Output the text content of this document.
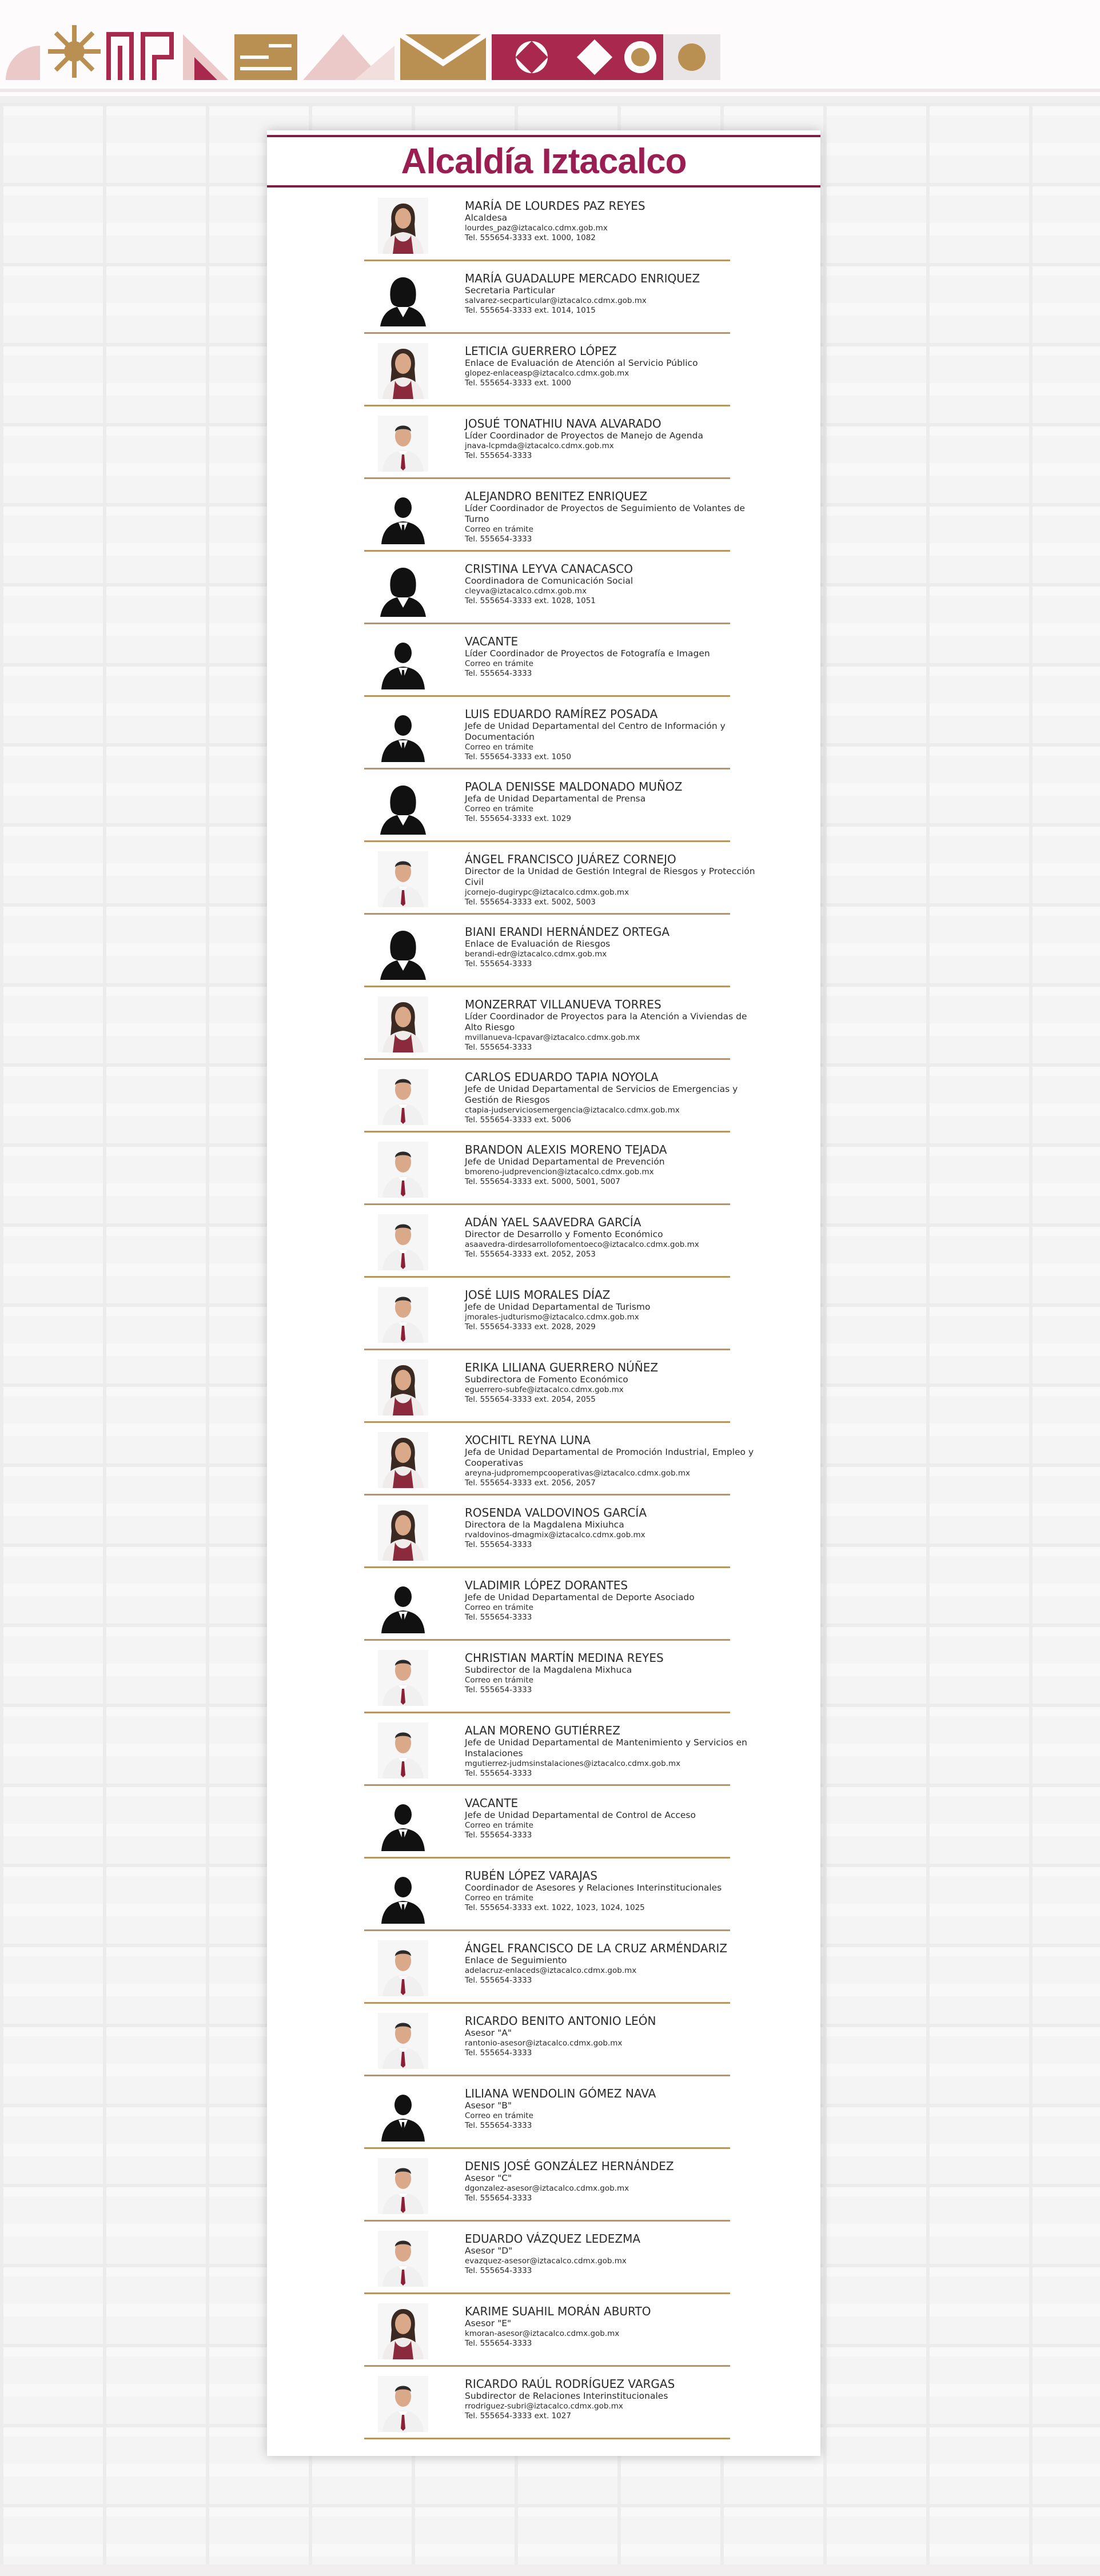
Alcaldía Iztacalco
MARÍA DE LOURDES PAZ REYES
Alcaldesa
lourdes_paz@iztacalco.cdmx.gob.mx
Tel. 555654-3333 ext. 1000, 1082
MARÍA GUADALUPE MERCADO ENRIQUEZ
Secretaria Particular
salvarez-secparticular@iztacalco.cdmx.gob.mx
Tel. 555654-3333 ext. 1014, 1015
LETICIA GUERRERO LÓPEZ
Enlace de Evaluación de Atención al Servicio Público
glopez-enlaceasp@iztacalco.cdmx.gob.mx
Tel. 555654-3333 ext. 1000
JOSUÉ TONATHIU NAVA ALVARADO
Líder Coordinador de Proyectos de Manejo de Agenda
jnava-lcpmda@iztacalco.cdmx.gob.mx
Tel. 555654-3333
ALEJANDRO BENITEZ ENRIQUEZ
Líder Coordinador de Proyectos de Seguimiento de Volantes de Turno
Correo en trámite
Tel. 555654-3333
CRISTINA LEYVA CANACASCO
Coordinadora de Comunicación Social
cleyva@iztacalco.cdmx.gob.mx
Tel. 555654-3333 ext. 1028, 1051
VACANTE
Líder Coordinador de Proyectos de Fotografía e Imagen
Correo en trámite
Tel. 555654-3333
LUIS EDUARDO RAMÍREZ POSADA
Jefe de Unidad Departamental del Centro de Información y Documentación
Correo en trámite
Tel. 555654-3333 ext. 1050
PAOLA DENISSE MALDONADO MUÑOZ
Jefa de Unidad Departamental de Prensa
Correo en trámite
Tel. 555654-3333 ext. 1029
ÁNGEL FRANCISCO JUÁREZ CORNEJO
Director de la Unidad de Gestión Integral de Riesgos y Protección Civil
jcornejo-dugirypc@iztacalco.cdmx.gob.mx
Tel. 555654-3333 ext. 5002, 5003
BIANI ERANDI HERNÁNDEZ ORTEGA
Enlace de Evaluación de Riesgos
berandi-edr@iztacalco.cdmx.gob.mx
Tel. 555654-3333
MONZERRAT VILLANUEVA TORRES
Líder Coordinador de Proyectos para la Atención a Viviendas de Alto Riesgo
mvillanueva-lcpavar@iztacalco.cdmx.gob.mx
Tel. 555654-3333
CARLOS EDUARDO TAPIA NOYOLA
Jefe de Unidad Departamental de Servicios de Emergencias y Gestión de Riesgos
ctapia-judserviciosemergencia@iztacalco.cdmx.gob.mx
Tel. 555654-3333 ext. 5006
BRANDON ALEXIS MORENO TEJADA
Jefe de Unidad Departamental de Prevención
bmoreno-judprevencion@iztacalco.cdmx.gob.mx
Tel. 555654-3333 ext. 5000, 5001, 5007
ADÁN YAEL SAAVEDRA GARCÍA
Director de Desarrollo y Fomento Económico
asaavedra-dirdesarrollofomentoeco@iztacalco.cdmx.gob.mx
Tel. 555654-3333 ext. 2052, 2053
JOSÉ LUIS MORALES DÍAZ
Jefe de Unidad Departamental de Turismo
jmorales-judturismo@iztacalco.cdmx.gob.mx
Tel. 555654-3333 ext. 2028, 2029
ERIKA LILIANA GUERRERO NÚÑEZ
Subdirectora de Fomento Económico
eguerrero-subfe@iztacalco.cdmx.gob.mx
Tel. 555654-3333 ext. 2054, 2055
XOCHITL REYNA LUNA
Jefa de Unidad Departamental de Promoción Industrial, Empleo y Cooperativas
areyna-judpromempcooperativas@iztacalco.cdmx.gob.mx
Tel. 555654-3333 ext. 2056, 2057
ROSENDA VALDOVINOS GARCÍA
Directora de la Magdalena Mixiuhca
rvaldovinos-dmagmix@iztacalco.cdmx.gob.mx
Tel. 555654-3333
VLADIMIR LÓPEZ DORANTES
Jefe de Unidad Departamental de Deporte Asociado
Correo en trámite
Tel. 555654-3333
CHRISTIAN MARTÍN MEDINA REYES
Subdirector de la Magdalena Mixhuca
Correo en trámite
Tel. 555654-3333
ALAN MORENO GUTIÉRREZ
Jefe de Unidad Departamental de Mantenimiento y Servicios en Instalaciones
mgutierrez-judmsinstalaciones@iztacalco.cdmx.gob.mx
Tel. 555654-3333
VACANTE
Jefe de Unidad Departamental de Control de Acceso
Correo en trámite
Tel. 555654-3333
RUBÉN LÓPEZ VARAJAS
Coordinador de Asesores y Relaciones Interinstitucionales
Correo en trámite
Tel. 555654-3333 ext. 1022, 1023, 1024, 1025
ÁNGEL FRANCISCO DE LA CRUZ ARMÉNDARIZ
Enlace de Seguimiento
adelacruz-enlaceds@iztacalco.cdmx.gob.mx
Tel. 555654-3333
RICARDO BENITO ANTONIO LEÓN
Asesor "A"
rantonio-asesor@iztacalco.cdmx.gob.mx
Tel. 555654-3333
LILIANA WENDOLIN GÓMEZ NAVA
Asesor "B"
Correo en trámite
Tel. 555654-3333
DENIS JOSÉ GONZÁLEZ HERNÁNDEZ
Asesor "C"
dgonzalez-asesor@iztacalco.cdmx.gob.mx
Tel. 555654-3333
EDUARDO VÁZQUEZ LEDEZMA
Asesor "D"
evazquez-asesor@iztacalco.cdmx.gob.mx
Tel. 555654-3333
KARIME SUAHIL MORÁN ABURTO
Asesor "E"
kmoran-asesor@iztacalco.cdmx.gob.mx
Tel. 555654-3333
RICARDO RAÚL RODRÍGUEZ VARGAS
Subdirector de Relaciones Interinstitucionales
rrodriguez-subri@iztacalco.cdmx.gob.mx
Tel. 555654-3333 ext. 1027
